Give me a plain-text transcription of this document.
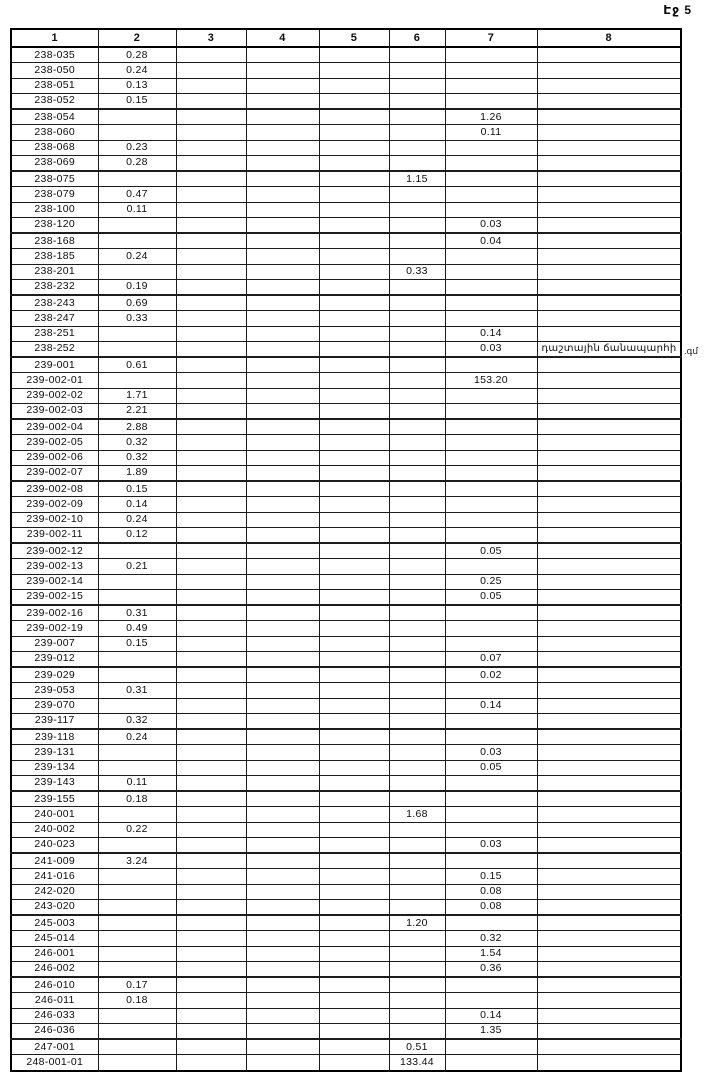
Էջ 5
1	2	3	4	5	6	7	8
238-035	0.28						
238-050	0.24						
238-051	0.13						
238-052	0.15						
238-054						1.26	
238-060						0.11	
238-068	0.23						
238-069	0.28						
238-075					1.15		
238-079	0.47						
238-100	0.11						
238-120						0.03	
238-168						0.04	
238-185	0.24						
238-201					0.33		
238-232	0.19						
238-243	0.69						
238-247	0.33						
238-251						0.14	
238-252						0.03	դաշտային ճանապարհի
239-001	0.61						
239-002-01						153.20	
239-002-02	1.71						
239-002-03	2.21						
239-002-04	2.88						
239-002-05	0.32						
239-002-06	0.32						
239-002-07	1.89						
239-002-08	0.15						
239-002-09	0.14						
239-002-10	0.24						
239-002-11	0.12						
239-002-12						0.05	
239-002-13	0.21						
239-002-14						0.25	
239-002-15						0.05	
239-002-16	0.31						
239-002-19	0.49						
239-007	0.15						
239-012						0.07	
239-029						0.02	
239-053	0.31						
239-070						0.14	
239-117	0.32						
239-118	0.24						
239-131						0.03	
239-134						0.05	
239-143	0.11						
239-155	0.18						
240-001					1.68		
240-002	0.22						
240-023						0.03	
241-009	3.24						
241-016						0.15	
242-020						0.08	
243-020						0.08	
245-003					1.20		
245-014						0.32	
246-001						1.54	
246-002						0.36	
246-010	0.17						
246-011	0.18						
246-033						0.14	
246-036						1.35	
247-001					0.51		
248-001-01					133.44		
.գմ
